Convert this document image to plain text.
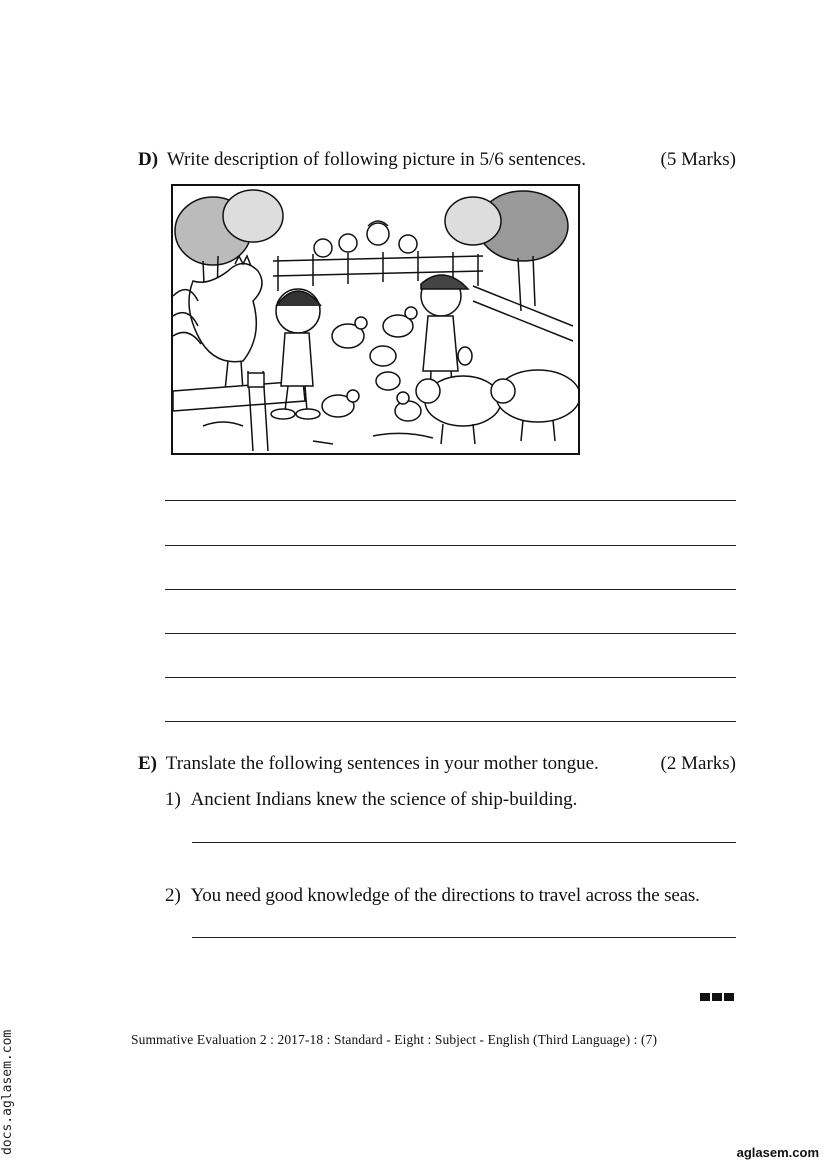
D) Write description of following picture in 5/6 sentences.	(5 Marks)
E) Translate the following sentences in your mother tongue.	(2 Marks)
1) Ancient Indians knew the science of ship-building.
2) You need good knowledge of the directions to travel across the seas.
Summative Evaluation 2 : 2017-18 : Standard - Eight : Subject - English (Third Language) : (7)
docs.aglasem.com	aglasem.com
